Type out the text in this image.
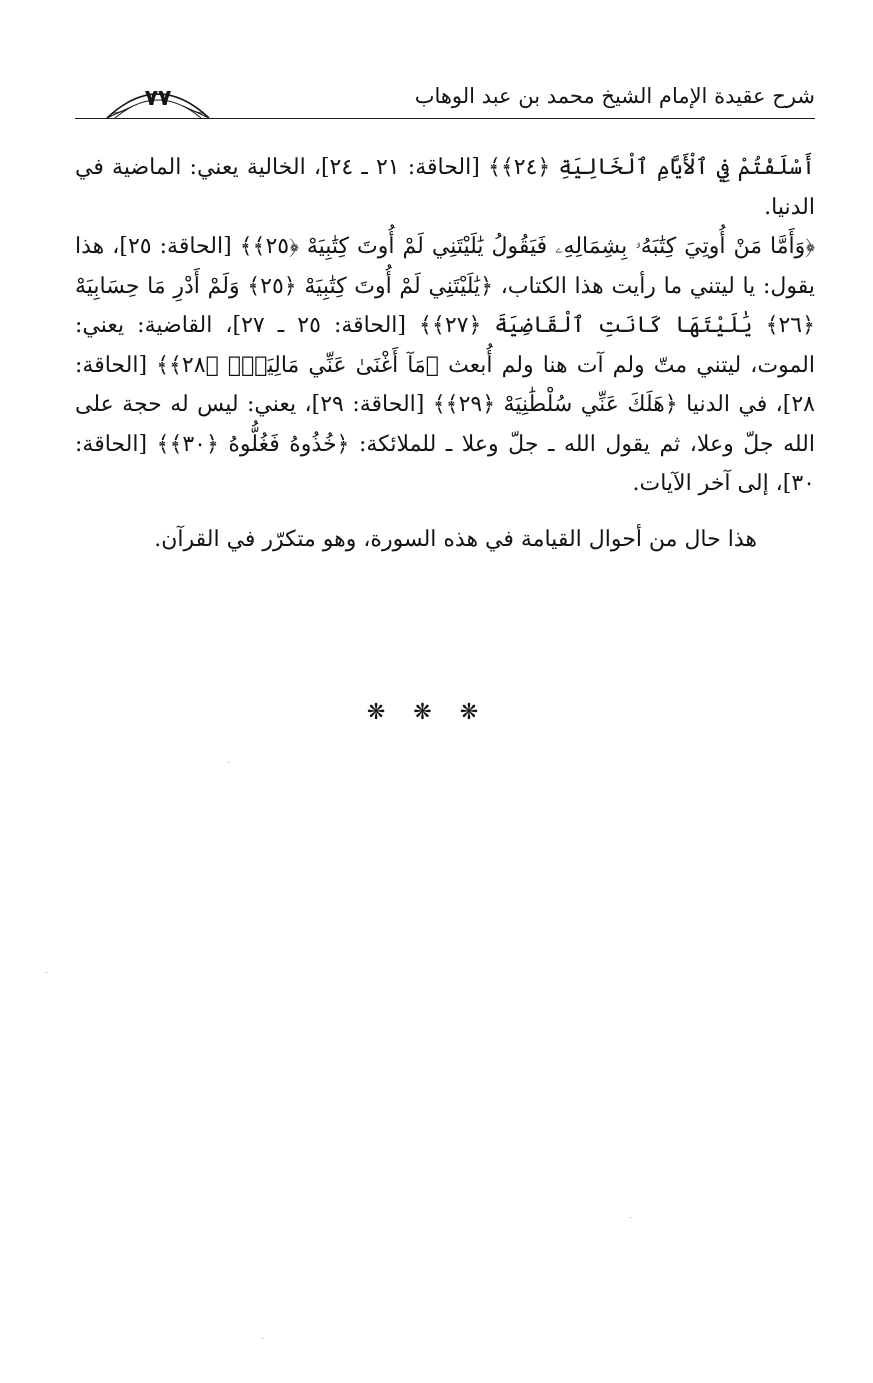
٧٧	شرح عقيدة الإمام الشيخ محمد بن عبد الوهاب

أَسْلَفْتُمْ فِي ٱلْأَيَّامِ ٱلْخَالِيَةِ ﴿٢٤﴾﴾ [الحاقة: ٢١ ـ ٢٤]، الخالية يعني: الماضية في الدنيا.

﴿وَأَمَّا مَنْ أُوتِيَ كِتَٰبَهُۥ بِشِمَالِهِۦ فَيَقُولُ يَٰلَيْتَنِي لَمْ أُوتَ كِتَٰبِيَهْ ﴿٢٥﴾﴾ [الحاقة: ٢٥]، هذا يقول: يا ليتني ما رأيت هذا الكتاب، ﴿يَٰلَيْتَنِي لَمْ أُوتَ كِتَٰبِيَهْ ﴿٢٥﴾ وَلَمْ أَدْرِ مَا حِسَابِيَهْ ﴿٢٦﴾ يَٰلَيْتَهَا كَانَتِ ٱلْقَاضِيَةَ ﴿٢٧﴾﴾ [الحاقة: ٢٥ ـ ٢٧]، القاضية: يعني: الموت، ليتني متّ ولم آت هنا ولم أُبعث ﴿مَآ أَغْنَىٰ عَنِّي مَالِيَهْۜ ﴿٢٨﴾﴾ [الحاقة: ٢٨]، في الدنيا ﴿هَلَكَ عَنِّي سُلْطَٰنِيَهْ ﴿٢٩﴾﴾ [الحاقة: ٢٩]، يعني: ليس له حجة على الله جلّ وعلا، ثم يقول الله ـ جلّ وعلا ـ للملائكة: ﴿خُذُوهُ فَغُلُّوهُ ﴿٣٠﴾﴾ [الحاقة: ٣٠]، إلى آخر الآيات.

هذا حال من أحوال القيامة في هذه السورة، وهو متكرّر في القرآن.

❋❋❋
